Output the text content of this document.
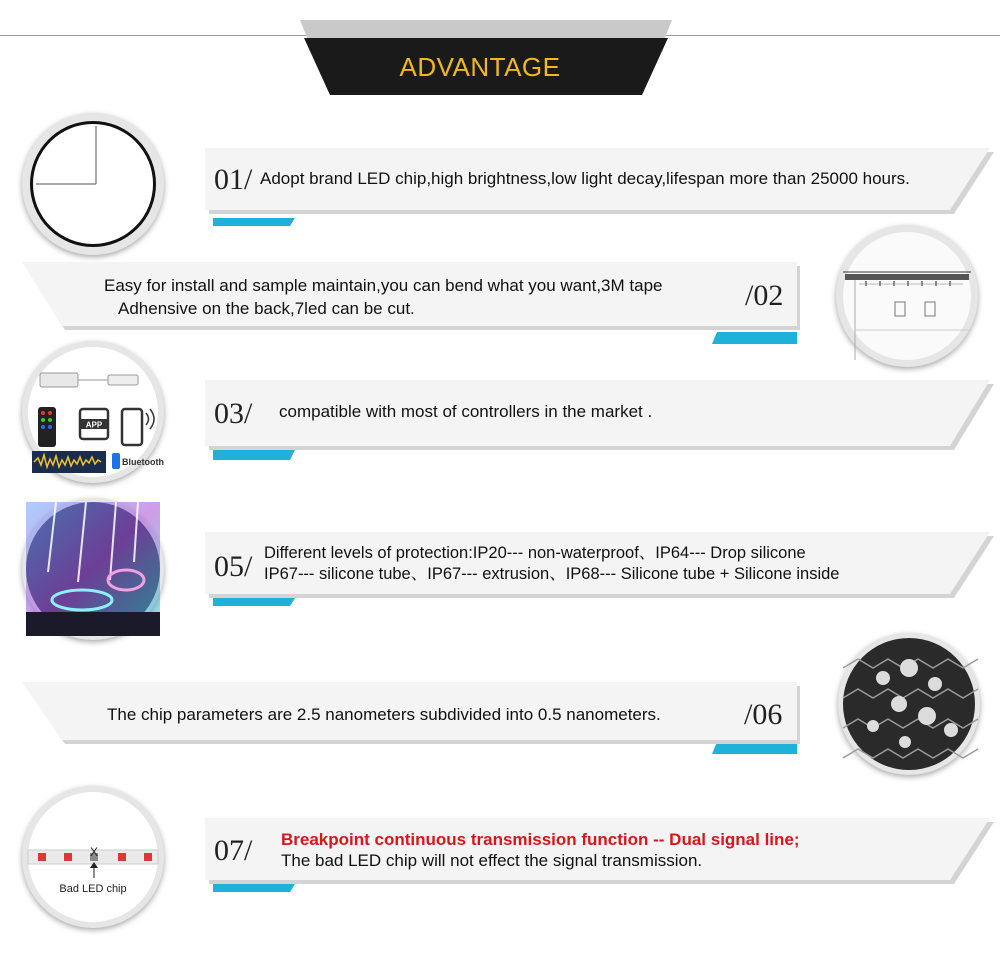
ADVANTAGE
01/ Adopt brand LED chip,high brightness,low light decay,lifespan more than 25000 hours.
Easy for install and sample maintain,you can bend what you want,3M tape
Adhensive on the back,7led can be cut.	/02
APP
Bluetooth
03/ compatible with most of controllers in the market .
05/ Different levels of protection:IP20--- non-waterproof、IP64--- Drop silicone
IP67--- silicone tube、IP67--- extrusion、IP68--- Silicone tube + Silicone inside
The chip parameters are 2.5 nanometers subdivided into 0.5 nanometers.	/06
X
Bad LED chip
07/ Breakpoint continuous transmission function -- Dual signal line;
The bad LED chip will not effect the signal transmission.
